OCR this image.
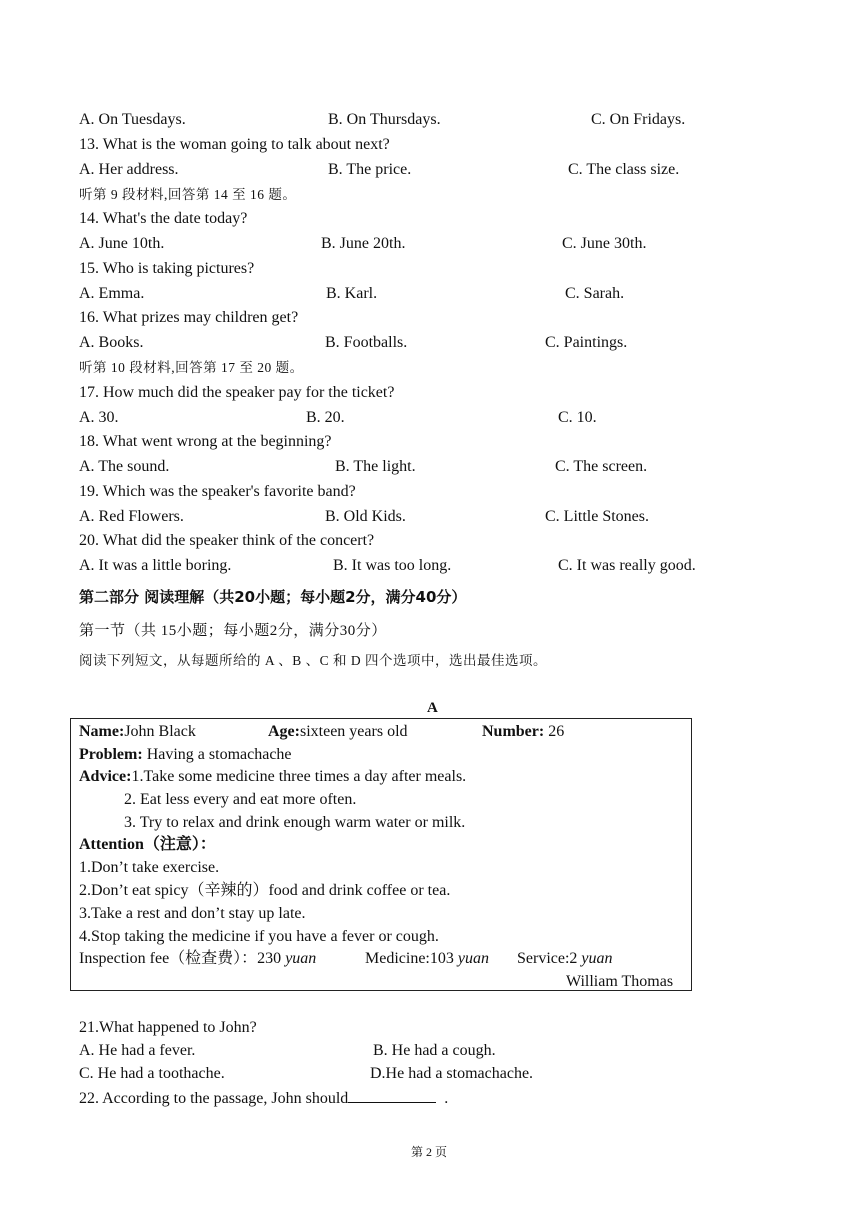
A. On Tuesdays.	B. On Thursdays.	C. On Fridays.
13. What is the woman going to talk about next?
A. Her address.	B. The price.	C. The class size.
听第 9 段材料,回答第 14 至 16 题。
14. What's the date today?
A. June 10th.	B. June 20th.	C. June 30th.
15. Who is taking pictures?
A. Emma.	B. Karl.	C. Sarah.
16. What prizes may children get?
A. Books.	B. Footballs.	C. Paintings.
听第 10 段材料,回答第 17 至 20 题。
17. How much did the speaker pay for the ticket?
A. 30.	B. 20.	C. 10.
18. What went wrong at the beginning?
A. The sound.	B. The light.	C. The screen.
19. Which was the speaker's favorite band?
A. Red Flowers.	B. Old Kids.	C. Little Stones.
20. What did the speaker think of the concert?
A. It was a little boring.	B. It was too long.	C. It was really good.
第二部分 阅读理解（共20小题；每小题2分，满分40分）
第一节（共 15小题；每小题2分，满分30分）
阅读下列短文，从每题所给的 A 、B 、C 和 D 四个选项中，选出最佳选项。
A
Name:John Black	Age:sixteen years old	Number: 26
Problem: Having a stomachache
Advice:1.Take some medicine three times a day after meals.
2. Eat less every and eat more often.
3. Try to relax and drink enough warm water or milk.
Attention（注意）：
1.Don’t take exercise.
2.Don’t eat spicy（辛辣的）food and drink coffee or tea.
3.Take a rest and don’t stay up late.
4.Stop taking the medicine if you have a fever or cough.
Inspection fee（检查费）：230 yuan	Medicine:103 yuan Service:2 yuan
William Thomas
21.What happened to John?
A. He had a fever.	B. He had a cough.
C. He had a toothache.	D.He had a stomachache.
22. According to the passage, John should	.
第 2 页
